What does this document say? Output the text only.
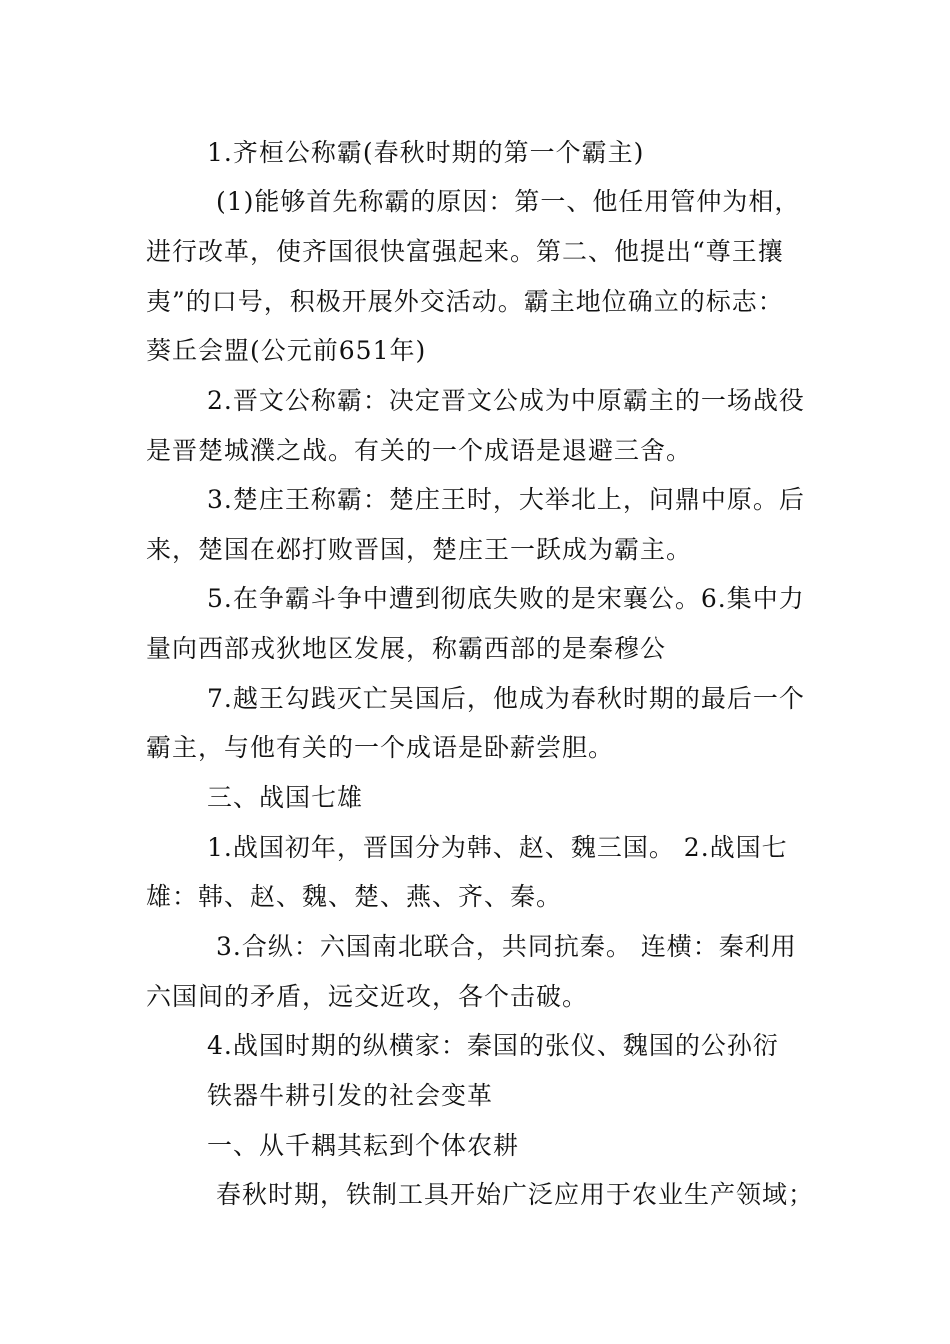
1.齐桓公称霸(春秋时期的第一个霸主)
(1)能够首先称霸的原因：第一、他任用管仲为相，
进行改革，使齐国很快富强起来。第二、他提出“尊王攘
夷”的口号，积极开展外交活动。霸主地位确立的标志：
葵丘会盟(公元前651年)
2.晋文公称霸：决定晋文公成为中原霸主的一场战役
是晋楚城濮之战。有关的一个成语是退避三舍。
3.楚庄王称霸：楚庄王时，大举北上，问鼎中原。后
来，楚国在邲打败晋国，楚庄王一跃成为霸主。
5.在争霸斗争中遭到彻底失败的是宋襄公。6.集中力
量向西部戎狄地区发展，称霸西部的是秦穆公
7.越王勾践灭亡吴国后，他成为春秋时期的最后一个
霸主，与他有关的一个成语是卧薪尝胆。
三、战国七雄
1.战国初年，晋国分为韩、赵、魏三国。 2.战国七
雄：韩、赵、魏、楚、燕、齐、秦。
3.合纵：六国南北联合，共同抗秦。 连横：秦利用
六国间的矛盾，远交近攻，各个击破。
4.战国时期的纵横家：秦国的张仪、魏国的公孙衍
铁器牛耕引发的社会变革
一、从千耦其耘到个体农耕
春秋时期，铁制工具开始广泛应用于农业生产领域；
